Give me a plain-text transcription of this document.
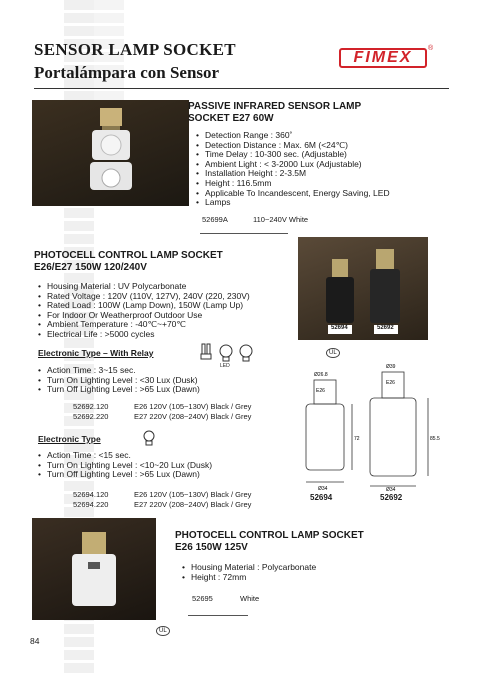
SENSOR LAMP SOCKET
Portalámpara con Sensor
FIMEX
®
PASSIVE INFRARED SENSOR LAMP
SOCKET E27 60W
• Detection Range : 360˚
• Detection Distance : Max. 6M (<24℃)
• Time Delay : 10-300 sec. (Adjustable)
• Ambient Light : < 3-2000 Lux (Adjustable)
• Installation Height : 2-3.5M
• Height : 116.5mm
• Applicable To Incandescent, Energy Saving, LED
• Lamps
52699A	110~240V White
PHOTOCELL CONTROL LAMP SOCKET
E26/E27 150W 120/240V
52694	52692
• Housing Material : UV Polycarbonate
• Rated Voltage : 120V (110V, 127V), 240V (220, 230V)
• Rated Load : 100W (Lamp Down), 150W (Lamp Up)
• For Indoor Or Weatherproof Outdoor Use
• Ambient Temperature : -40℃~+70℃
• Electrical Life : >5000 cycles
Electronic Type – With Relay
LED
• Action Time : 3~15 sec.
• Turn On Lighting Level : <30 Lux (Dusk)
• Turn Off Lighting Level : >65 Lux (Dawn)
52692.120	E26 120V (105~130V) Black / Grey
52692.220	E27 220V (208~240V) Black / Grey
Electronic Type
• Action Time : <15 sec.
• Turn On Lighting Level : <10~20 Lux (Dusk)
• Turn Off Lighting Level : >65 Lux (Dawn)
52694.120	E26 120V (105~130V) Black / Grey
52694.220	E27 220V (208~240V) Black / Grey
UL
Ø26.8
E26
Ø39
E26
72	85.5
Ø34	Ø34
52694	52692
PHOTOCELL CONTROL LAMP SOCKET
E26 150W 125V
• Housing Material : Polycarbonate
• Height : 72mm
52695	White
UL
84
